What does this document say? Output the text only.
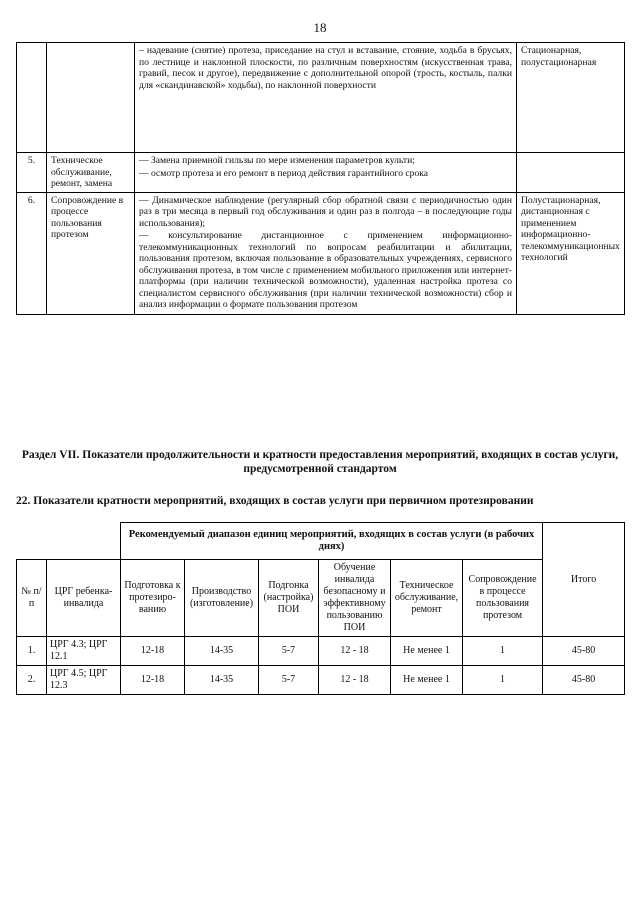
18

		– надевание (снятие) протеза, приседание на стул и вставание, стояние, ходьба в брусьях, по лестнице и наклонной плоскости, по различным поверхностям (искусственная трава, гравий, песок и другое), передвижение с дополнительной опорой (трость, костыль, палки для «скандинавской» ходьбы), по наклонной поверхности	Стационарная, полустационарная
5.	Техническое обслуживание, ремонт, замена	— Замена приемной гильзы по мере изменения параметров культи;
— осмотр протеза и его ремонт в период действия гарантийного срока	

6.	Сопровождение в процессе пользования протезом	— Динамическое наблюдение (регулярный сбор обратной связи с периодичностью один раз в три месяца в первый год обслуживания и один раз в полгода – в последующие годы использования);
— консультирование дистанционное с применением информационно-телекоммуникационных технологий по вопросам реабилитации и абилитации, пользования протезом, включая пользование в образовательных учреждениях, сервисного обслуживания протеза, в том числе с применением мобильного приложения или интернет-платформы (при наличии технической возможности), удаленная настройка протеза со специалистом сервисного обслуживания (при наличии технической возможности) сбор и анализ информации о формате пользования протезом	Полустационарная, дистанционная с применением информационно-телекоммуникационных технологий
Раздел VII. Показатели продолжительности и кратности предоставления мероприятий, входящих в состав услуги, предусмотренной стандартом
22. Показатели кратности мероприятий, входящих в состав услуги при первичном протезировании
		Рекомендуемый диапазон единиц мероприятий, входящих в состав услуги (в рабочих днях)						Итого
№ п/п	ЦРГ ребенка-инвалида	Подготовка к протезиро-ванию	Производство (изготовление)	Подгонка (настройка) ПОИ	Обучение инвалида безопасному и эффективному пользованию ПОИ	Техническое обслуживание, ремонт	Сопровождение в процессе пользования протезом	
1.	ЦРГ 4.3; ЦРГ 12.1	12-18	14-35	5-7	12 - 18	Не менее 1	1	45-80
2.	ЦРГ 4.5; ЦРГ 12.3	12-18	14-35	5-7	12 - 18	Не менее 1	1	45-80
